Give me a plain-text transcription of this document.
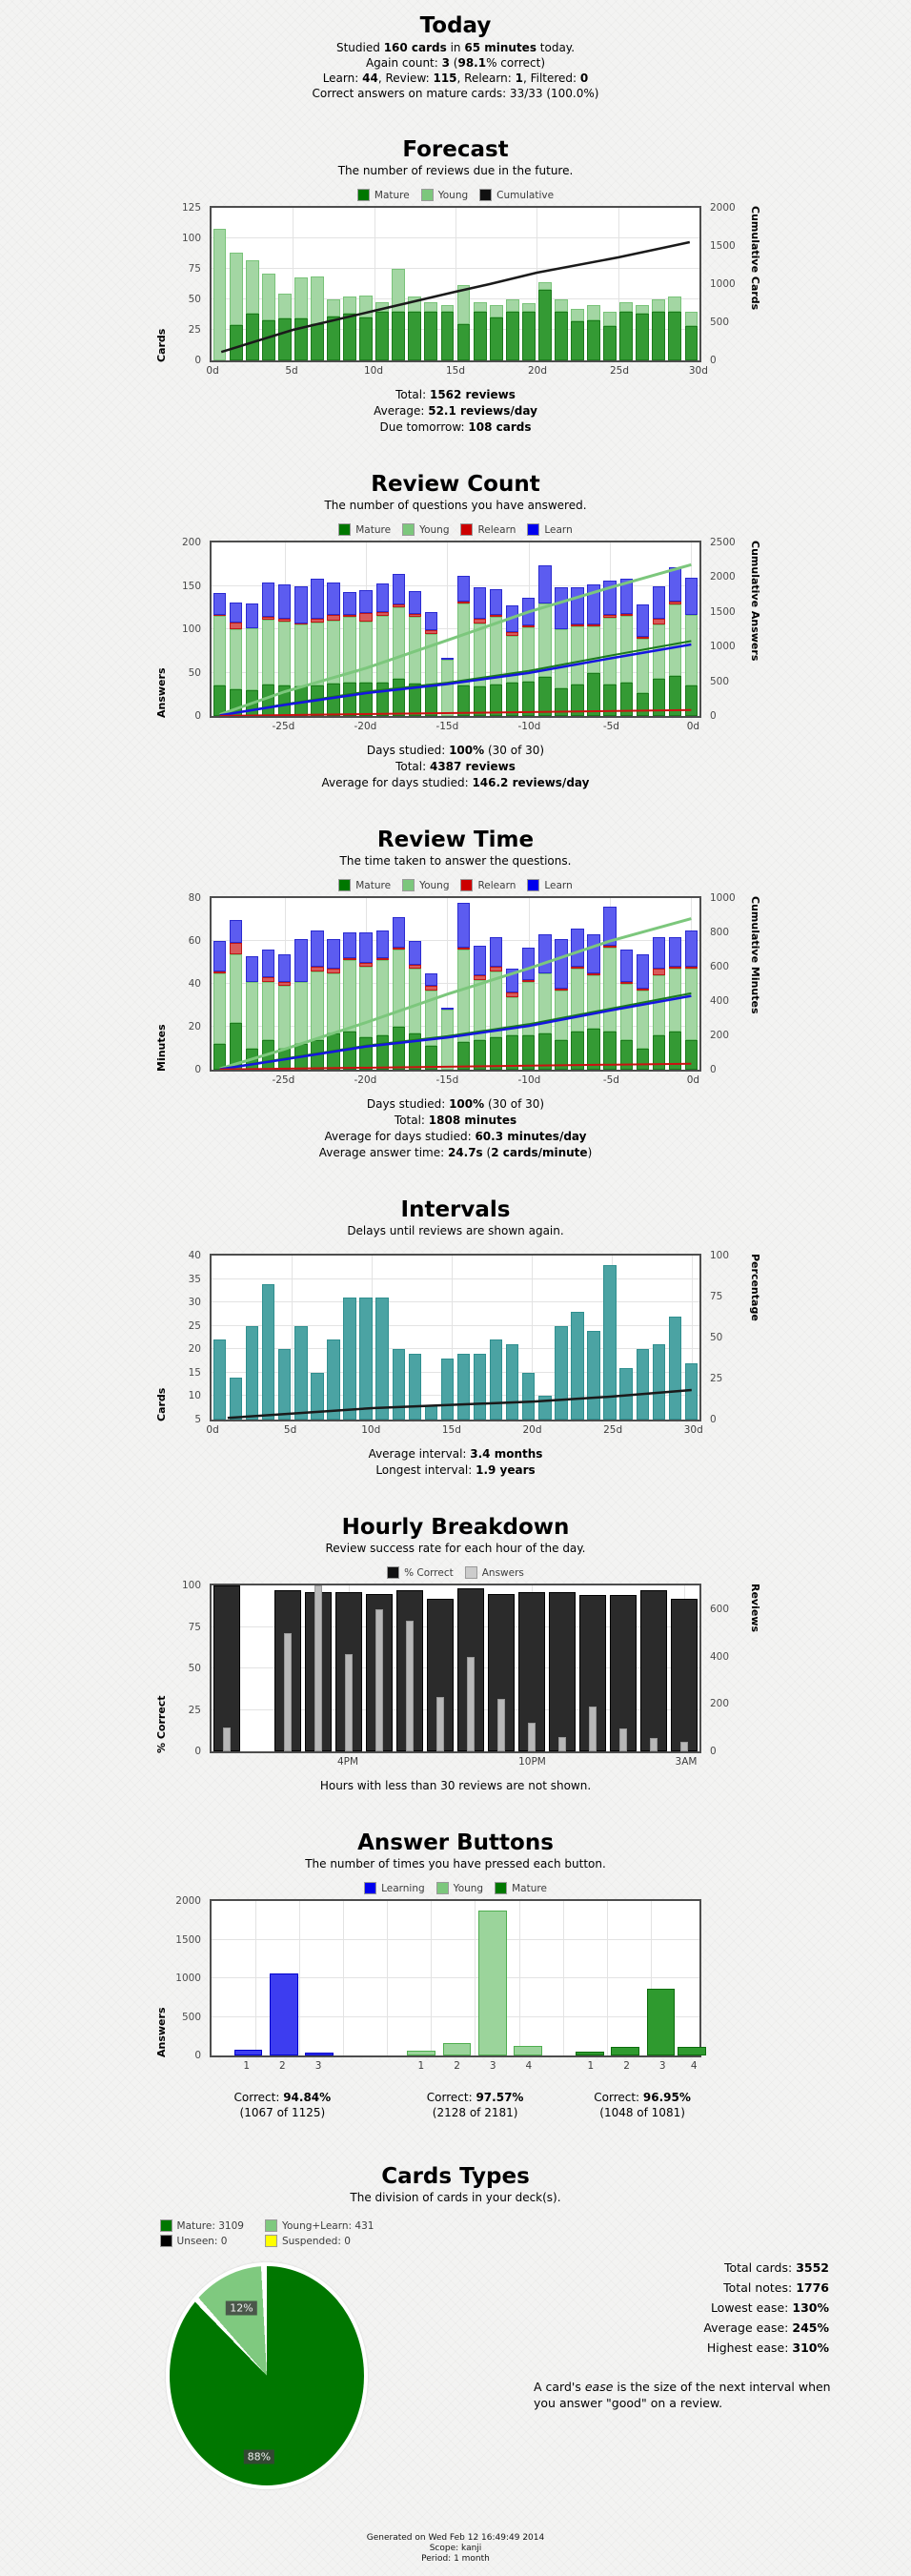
Today
Studied 160 cards in 65 minutes today.
Again count: 3 (98.1% correct)
Learn: 44, Review: 115, Relearn: 1, Filtered: 0
Correct answers on mature cards: 33/33 (100.0%)
Forecast
The number of reviews due in the future.
Mature	Young	Cumulative
Cards	0
25
50
75
100
125
0
500
1000
1500
2000 Cumulative Cards
0d	5d	10d	15d	20d	25d	30d
Total: 1562 reviews
Average: 52.1 reviews/day
Due tomorrow: 108 cards
Review Count
The number of questions you have answered.
Mature	Young	Relearn	Learn
Answers	0
50
100
150
200
0
500
1000
1500
2000
2500 Cumulative Answers
-25d	-20d	-15d	-10d	-5d	0d
Days studied: 100% (30 of 30)
Total: 4387 reviews
Average for days studied: 146.2 reviews/day
Review Time
The time taken to answer the questions.
Mature	Young	Relearn	Learn
Minutes	0
20
40
60
80
0
200
400
600
800
1000 Cumulative Minutes
-25d	-20d	-15d	-10d	-5d	0d
Days studied: 100% (30 of 30)
Total: 1808 minutes
Average for days studied: 60.3 minutes/day
Average answer time: 24.7s (2 cards/minute)
Intervals
Delays until reviews are shown again.
Cards	5
10
15
20
25
30
35
40
0
25
50
75
100 Percentage
0d	5d	10d	15d	20d	25d	30d
Average interval: 3.4 months
Longest interval: 1.9 years
Hourly Breakdown
Review success rate for each hour of the day.
% Correct	Answers
% Correct	0
25
50
75
100
0
200
400
600 Reviews
4PM	10PM	3AM
Hours with less than 30 reviews are not shown.
Answer Buttons
The number of times you have pressed each button.
Learning	Young	Mature
Answers	0
500
1000
1500
2000
1	2	3	1	2	3	4	1	2	3	4
Correct: 94.84%
(1067 of 1125)
Correct: 97.57%
(2128 of 2181)
Correct: 96.95%
(1048 of 1081)
Cards Types
The division of cards in your deck(s).
Mature: 3109	Young+Learn: 431
Unseen: 0	Suspended: 0
12%
88%
Total cards: 3552
Total notes: 1776
Lowest ease: 130%
Average ease: 245%
Highest ease: 310%
A card's ease is the size of the next interval when you answer "good" on a review.
Generated on Wed Feb 12 16:49:49 2014
Scope: kanji
Period: 1 month
